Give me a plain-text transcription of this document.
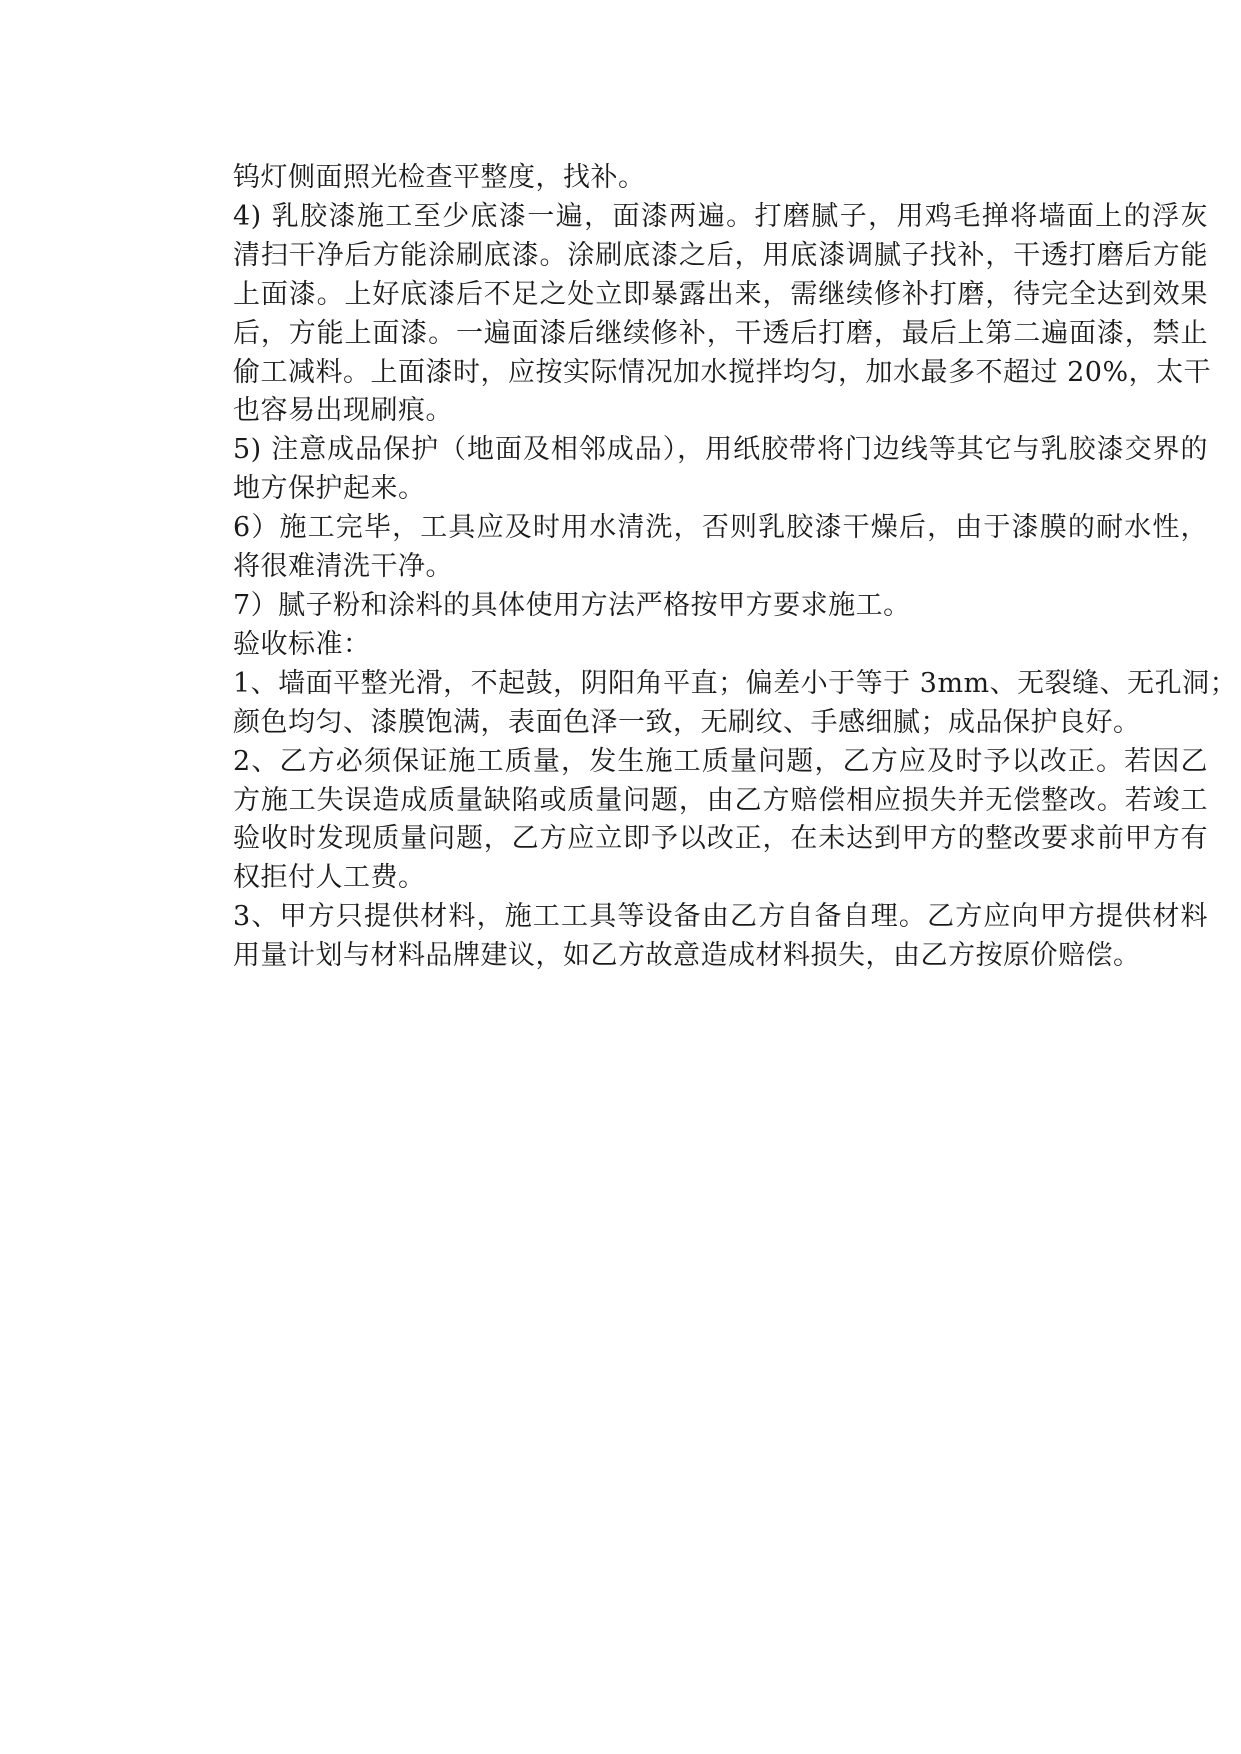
钨灯侧面照光检查平整度，找补。
4) 乳胶漆施工至少底漆一遍，面漆两遍。打磨腻子，用鸡毛掸将墙面上的浮灰
清扫干净后方能涂刷底漆。涂刷底漆之后，用底漆调腻子找补，干透打磨后方能
上面漆。上好底漆后不足之处立即暴露出来，需继续修补打磨，待完全达到效果
后，方能上面漆。一遍面漆后继续修补，干透后打磨，最后上第二遍面漆，禁止
偷工减料。上面漆时，应按实际情况加水搅拌均匀，加水最多不超过 20%，太干
也容易出现刷痕。
5) 注意成品保护（地面及相邻成品），用纸胶带将门边线等其它与乳胶漆交界的
地方保护起来。
6）施工完毕，工具应及时用水清洗，否则乳胶漆干燥后，由于漆膜的耐水性，
将很难清洗干净。
7）腻子粉和涂料的具体使用方法严格按甲方要求施工。
验收标准：
1、墙面平整光滑，不起鼓，阴阳角平直；偏差小于等于 3mm、无裂缝、无孔洞；
颜色均匀、漆膜饱满，表面色泽一致，无刷纹、手感细腻；成品保护良好。
2、乙方必须保证施工质量，发生施工质量问题，乙方应及时予以改正。若因乙
方施工失误造成质量缺陷或质量问题，由乙方赔偿相应损失并无偿整改。若竣工
验收时发现质量问题，乙方应立即予以改正，在未达到甲方的整改要求前甲方有
权拒付人工费。
3、甲方只提供材料，施工工具等设备由乙方自备自理。乙方应向甲方提供材料
用量计划与材料品牌建议，如乙方故意造成材料损失，由乙方按原价赔偿。
